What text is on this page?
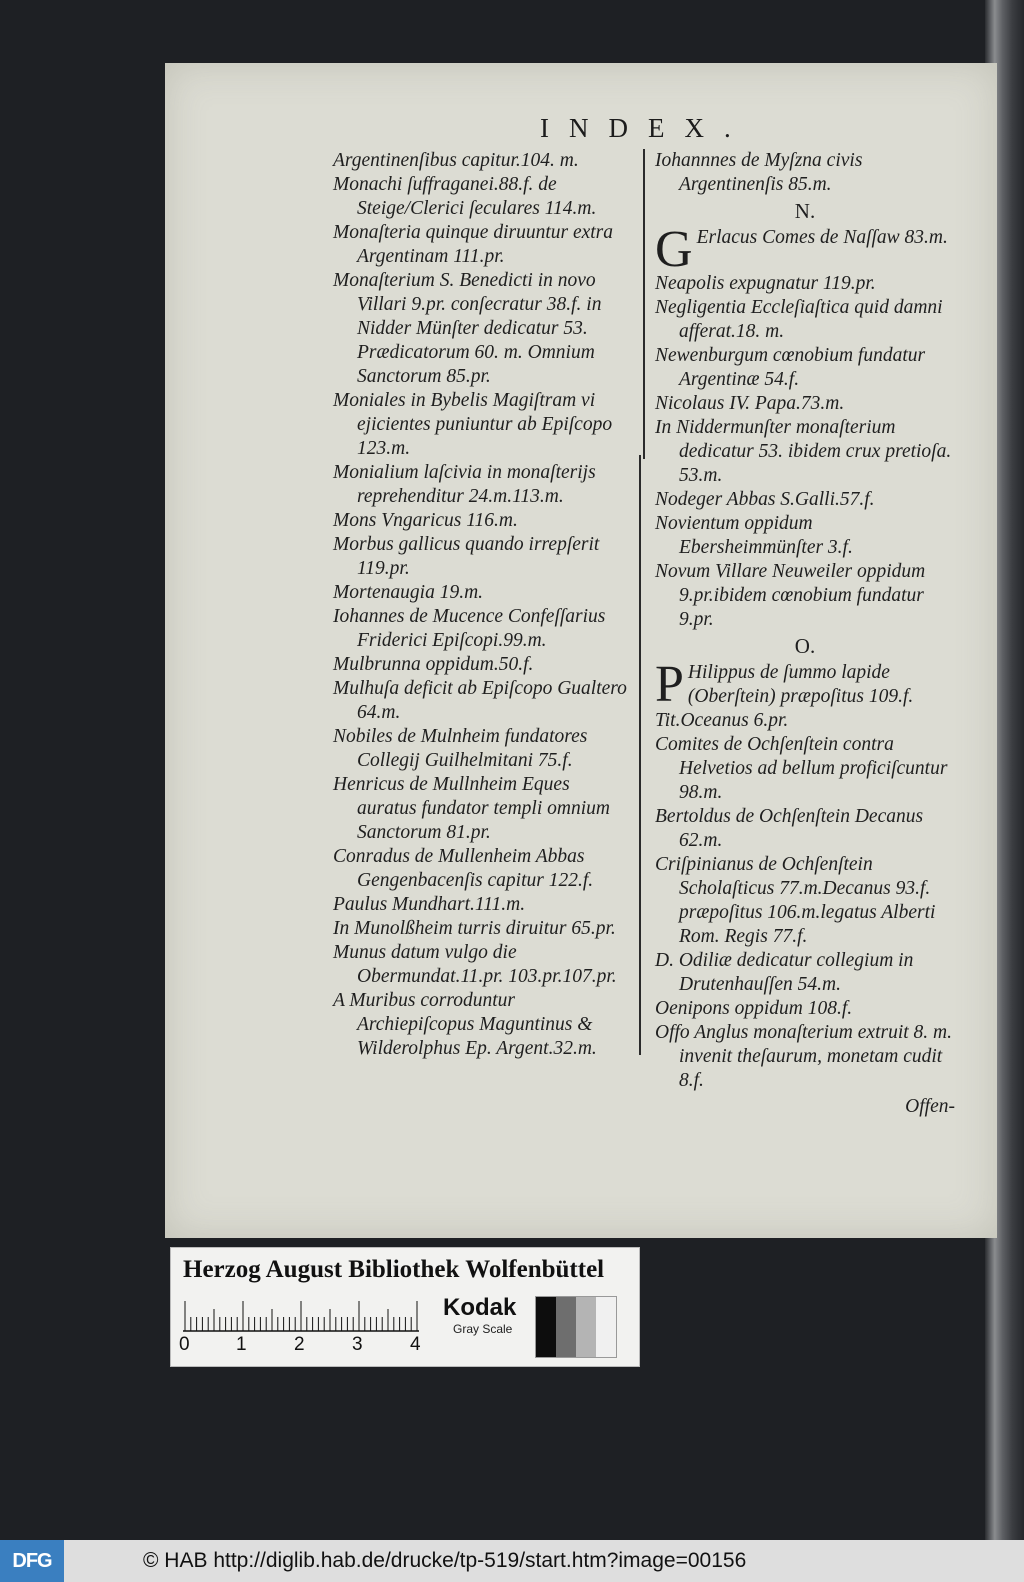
INDEX.

Argentinenſibus capitur.104. m.

Monachi ſuffraganei.88.f. de Steige/Clerici ſeculares 114.m.

Monaſteria quinque diruuntur extra Argentinam 111.pr.

Monaſterium S. Benedicti in novo Villari 9.pr. conſecratur 38.f. in Nidder Münſter dedicatur 53. Prædicatorum 60. m. Omnium Sanctorum 85.pr.

Moniales in Bybelis Magiſtram vi ejicientes puniuntur ab Epiſcopo 123.m.

Monialium laſcivia in monaſterijs reprehenditur 24.m.113.m.

Mons Vngaricus 116.m.

Morbus gallicus quando irrepſerit 119.pr.

Mortenaugia 19.m.

Iohannes de Mucence Confeſſarius Friderici Epiſcopi.99.m.

Mulbrunna oppidum.50.f.

Mulhuſa deficit ab Epiſcopo Gualtero 64.m.

Nobiles de Mulnheim fundatores Collegij Guilhelmitani 75.f.

Henricus de Mullnheim Eques auratus fundator templi omnium Sanctorum 81.pr.

Conradus de Mullenheim Abbas Gengenbacenſis capitur 122.f.

Paulus Mundhart.111.m.

In Munolßheim turris diruitur 65.pr.

Munus datum vulgo die Obermundat.11.pr. 103.pr.107.pr.

A Muribus corroduntur Archiepiſcopus Maguntinus & Wilderolphus Ep. Argent.32.m.

Iohannnes de Myſzna civis Argentinenſis 85.m.

N.

G Erlacus Comes de Naſſaw 83.m.

Neapolis expugnatur 119.pr.

Negligentia Eccleſiaſtica quid damni afferat.18. m.

Newenburgum cœnobium fundatur Argentinæ 54.f.

Nicolaus IV. Papa.73.m.

In Niddermunſter monaſterium dedicatur 53. ibidem crux pretioſa. 53.m.

Nodeger Abbas S.Galli.57.f.

Novientum oppidum Ebersheimmünſter 3.f.

Novum Villare Neuweiler oppidum 9.pr.ibidem cœnobium fundatur 9.pr.

O.

P Hilippus de ſummo lapide (Oberſtein) præpoſitus 109.f.

Tit.Oceanus 6.pr.

Comites de Ochſenſtein contra Helvetios ad bellum proficiſcuntur 98.m.

Bertoldus de Ochſenſtein Decanus 62.m.

Criſpinianus de Ochſenſtein Scholaſticus 77.m.Decanus 93.f. præpoſitus 106.m.legatus Alberti Rom. Regis 77.f.

D. Odiliæ dedicatur collegium in Drutenhauſſen 54.m.

Oenipons oppidum 108.f.

Offo Anglus monaſterium extruit 8. m. invenit theſaurum, monetam cudit 8.f.

Offen-
Herzog August Bibliothek Wolfenbüttel
0 1 2 3 4
Kodak
Gray Scale
DFG	© HAB http://diglib.hab.de/drucke/tp-519/start.htm?image=00156
